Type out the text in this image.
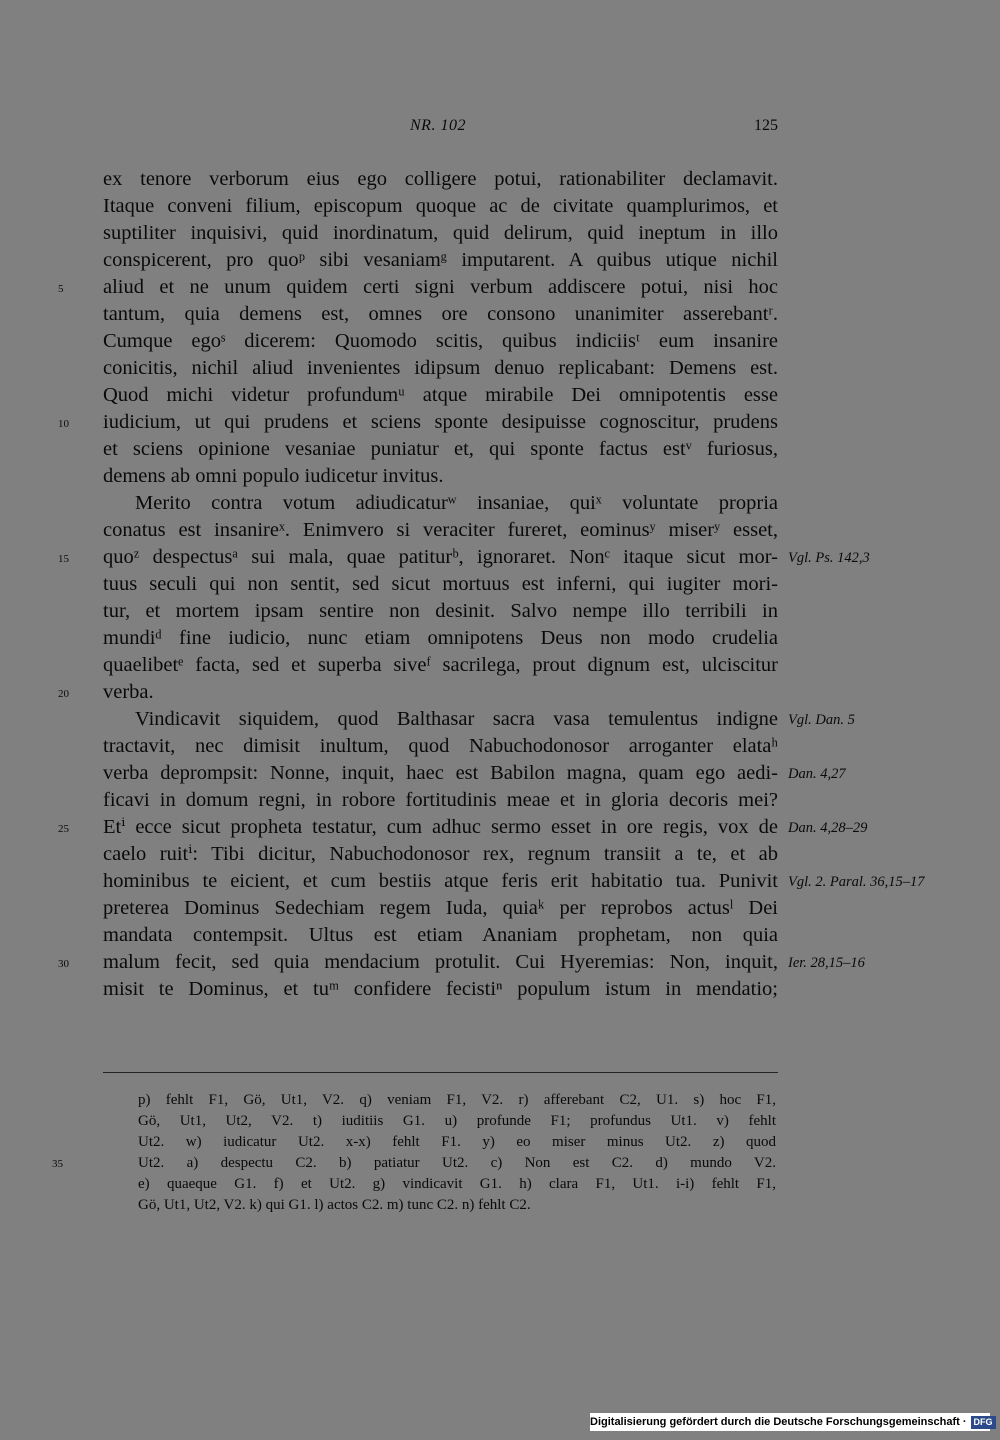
NR. 102	125
ex tenore verborum eius ego colligere potui, rationabiliter declamavit.
Itaque conveni filium, episcopum quoque ac de civitate quamplurimos, et
suptiliter inquisivi, quid inordinatum, quid delirum, quid ineptum in illo
conspicerent, pro quoᵖ sibi vesaniamᵍ imputarent. A quibus utique nichil
aliud et ne unum quidem certi signi verbum addiscere potui, nisi hoc
tantum, quia demens est, omnes ore consono unanimiter asserebantʳ.
Cumque egoˢ dicerem: Quomodo scitis, quibus indiciisᵗ eum insanire
conicitis, nichil aliud invenientes idipsum denuo replicabant: Demens est.
Quod michi videtur profundumᵘ atque mirabile Dei omnipotentis esse
iudicium, ut qui prudens et sciens sponte desipuisse cognoscitur, prudens
et sciens opinione vesaniae puniatur et, qui sponte factus estᵛ furiosus,
demens ab omni populo iudicetur invitus.
Merito contra votum adiudicaturʷ insaniae, quiˣ voluntate propria
conatus est insanireˣ. Enimvero si veraciter fureret, eominusʸ miserʸ esset,
quoᶻ despectusᵃ sui mala, quae patiturᵇ, ignoraret. Nonᶜ itaque sicut mor-
tuus seculi qui non sentit, sed sicut mortuus est inferni, qui iugiter mori-
tur, et mortem ipsam sentire non desinit. Salvo nempe illo terribili in
mundiᵈ fine iudicio, nunc etiam omnipotens Deus non modo crudelia
quaelibetᵉ facta, sed et superba siveᶠ sacrilega, prout dignum est, ulciscitur
verba.
Vindicavit siquidem, quod Balthasar sacra vasa temulentus indigne
tractavit, nec dimisit inultum, quod Nabuchodonosor arroganter elataʰ
verba deprompsit: Nonne, inquit, haec est Babilon magna, quam ego aedi-
ficavi in domum regni, in robore fortitudinis meae et in gloria decoris mei?
Etⁱ ecce sicut propheta testatur, cum adhuc sermo esset in ore regis, vox de
caelo ruitⁱ: Tibi dicitur, Nabuchodonosor rex, regnum transiit a te, et ab
hominibus te eicient, et cum bestiis atque feris erit habitatio tua. Punivit
preterea Dominus Sedechiam regem Iuda, quiaᵏ per reprobos actusˡ Dei
mandata contempsit. Ultus est etiam Ananiam prophetam, non quia
malum fecit, sed quia mendacium protulit. Cui Hyeremias: Non, inquit,
misit te Dominus, et tuᵐ confidere fecistiⁿ populum istum in mendatio;
5
10
15
20
25
30
Vgl. Ps. 142,3
Vgl. Dan. 5
Dan. 4,27
Dan. 4,28–29
Vgl. 2. Paral. 36,15–17
Ier. 28,15–16
p) fehlt F1, Gö, Ut1, V2. q) veniam F1, V2. r) afferebant C2, U1. s) hoc F1,
Gö, Ut1, Ut2, V2. t) iuditiis G1. u) profunde F1; profundus Ut1. v) fehlt
Ut2. w) iudicatur Ut2. x-x) fehlt F1. y) eo miser minus Ut2. z) quod
Ut2. a) despectu C2. b) patiatur Ut2. c) Non est C2. d) mundo V2.
e) quaeque G1. f) et Ut2. g) vindicavit G1. h) clara F1, Ut1. i-i) fehlt F1,
Gö, Ut1, Ut2, V2. k) qui G1. l) actos C2. m) tunc C2. n) fehlt C2.
35
Digitalisierung gefördert durch die Deutsche Forschungsgemeinschaft · DFG
